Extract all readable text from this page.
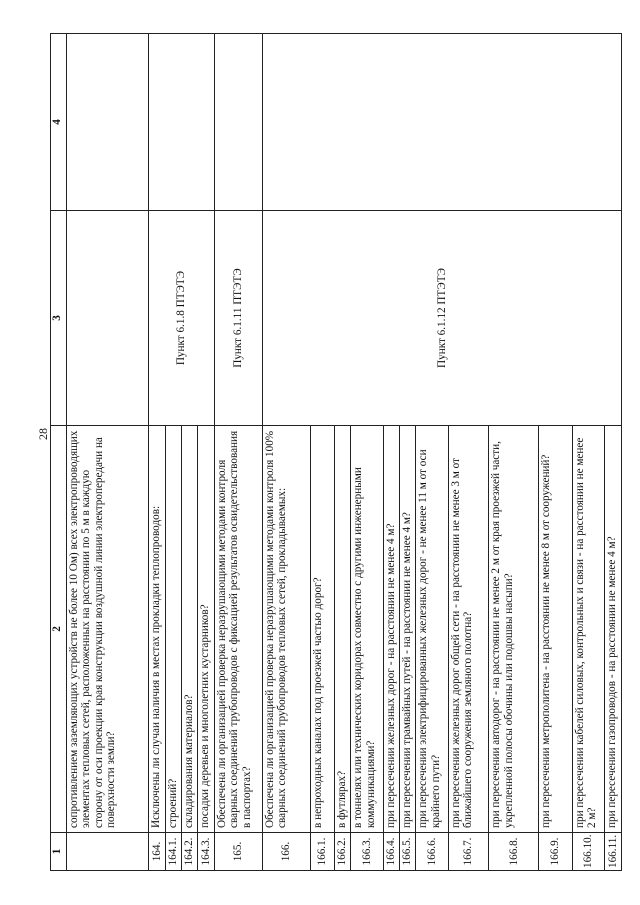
28
1	2	3	4
	сопротивлением заземляющих устройств не более 10 Ом) всех электропроводящих элементах тепловых сетей, расположенных на расстоянии по 5 м в каждую сторону от оси проекции края конструкции воздушной линии электропередачи на поверхности земли?		
164.	Исключены ли случаи наличия в местах прокладки теплопроводов:	Пункт 6.1.8 ПТЭТЭ	
164.1.	строений?		
164.2.	складирования материалов?		
164.3.	посадки деревьев и многолетних кустарников?		
165.	Обеспечена ли организацией проверка неразрушающими методами контроля сварных соединений трубопроводов с фиксацией результатов освидетельствования в паспортах?	Пункт 6.1.11 ПТЭТЭ	
166.	Обеспечена ли организацией проверка неразрушающими методами контроля 100% сварных соединений трубопроводов тепловых сетей, прокладываемых:	Пункт 6.1.12 ПТЭТЭ	
166.1.	в непроходных каналах под проезжей частью дорог?		
166.2.	в футлярах?		
166.3.	в тоннелях или технических коридорах совместно с другими инженерными коммуникациями?		
166.4.	при пересечении железных дорог - на расстоянии не менее 4 м?		
166.5.	при пересечении трамвайных путей - на расстоянии не менее 4 м?		
166.6.	при пересечении электрифицированных железных дорог - не менее 11 м от оси крайнего пути?		
166.7.	при пересечении железных дорог общей сети - на расстоянии не менее 3 м от ближайшего сооружения земляного полотна?		
166.8.	при пересечении автодорог - на расстоянии не менее 2 м от края проезжей части, укрепленной полосы обочины или подошвы насыпи?		
166.9.	при пересечении метрополитена - на расстоянии не менее 8 м от сооружений?		
166.10.	при пересечении кабелей силовых, контрольных и связи - на расстоянии не менее 2 м?		
166.11.	при пересечении газопроводов - на расстоянии не менее 4 м?		
